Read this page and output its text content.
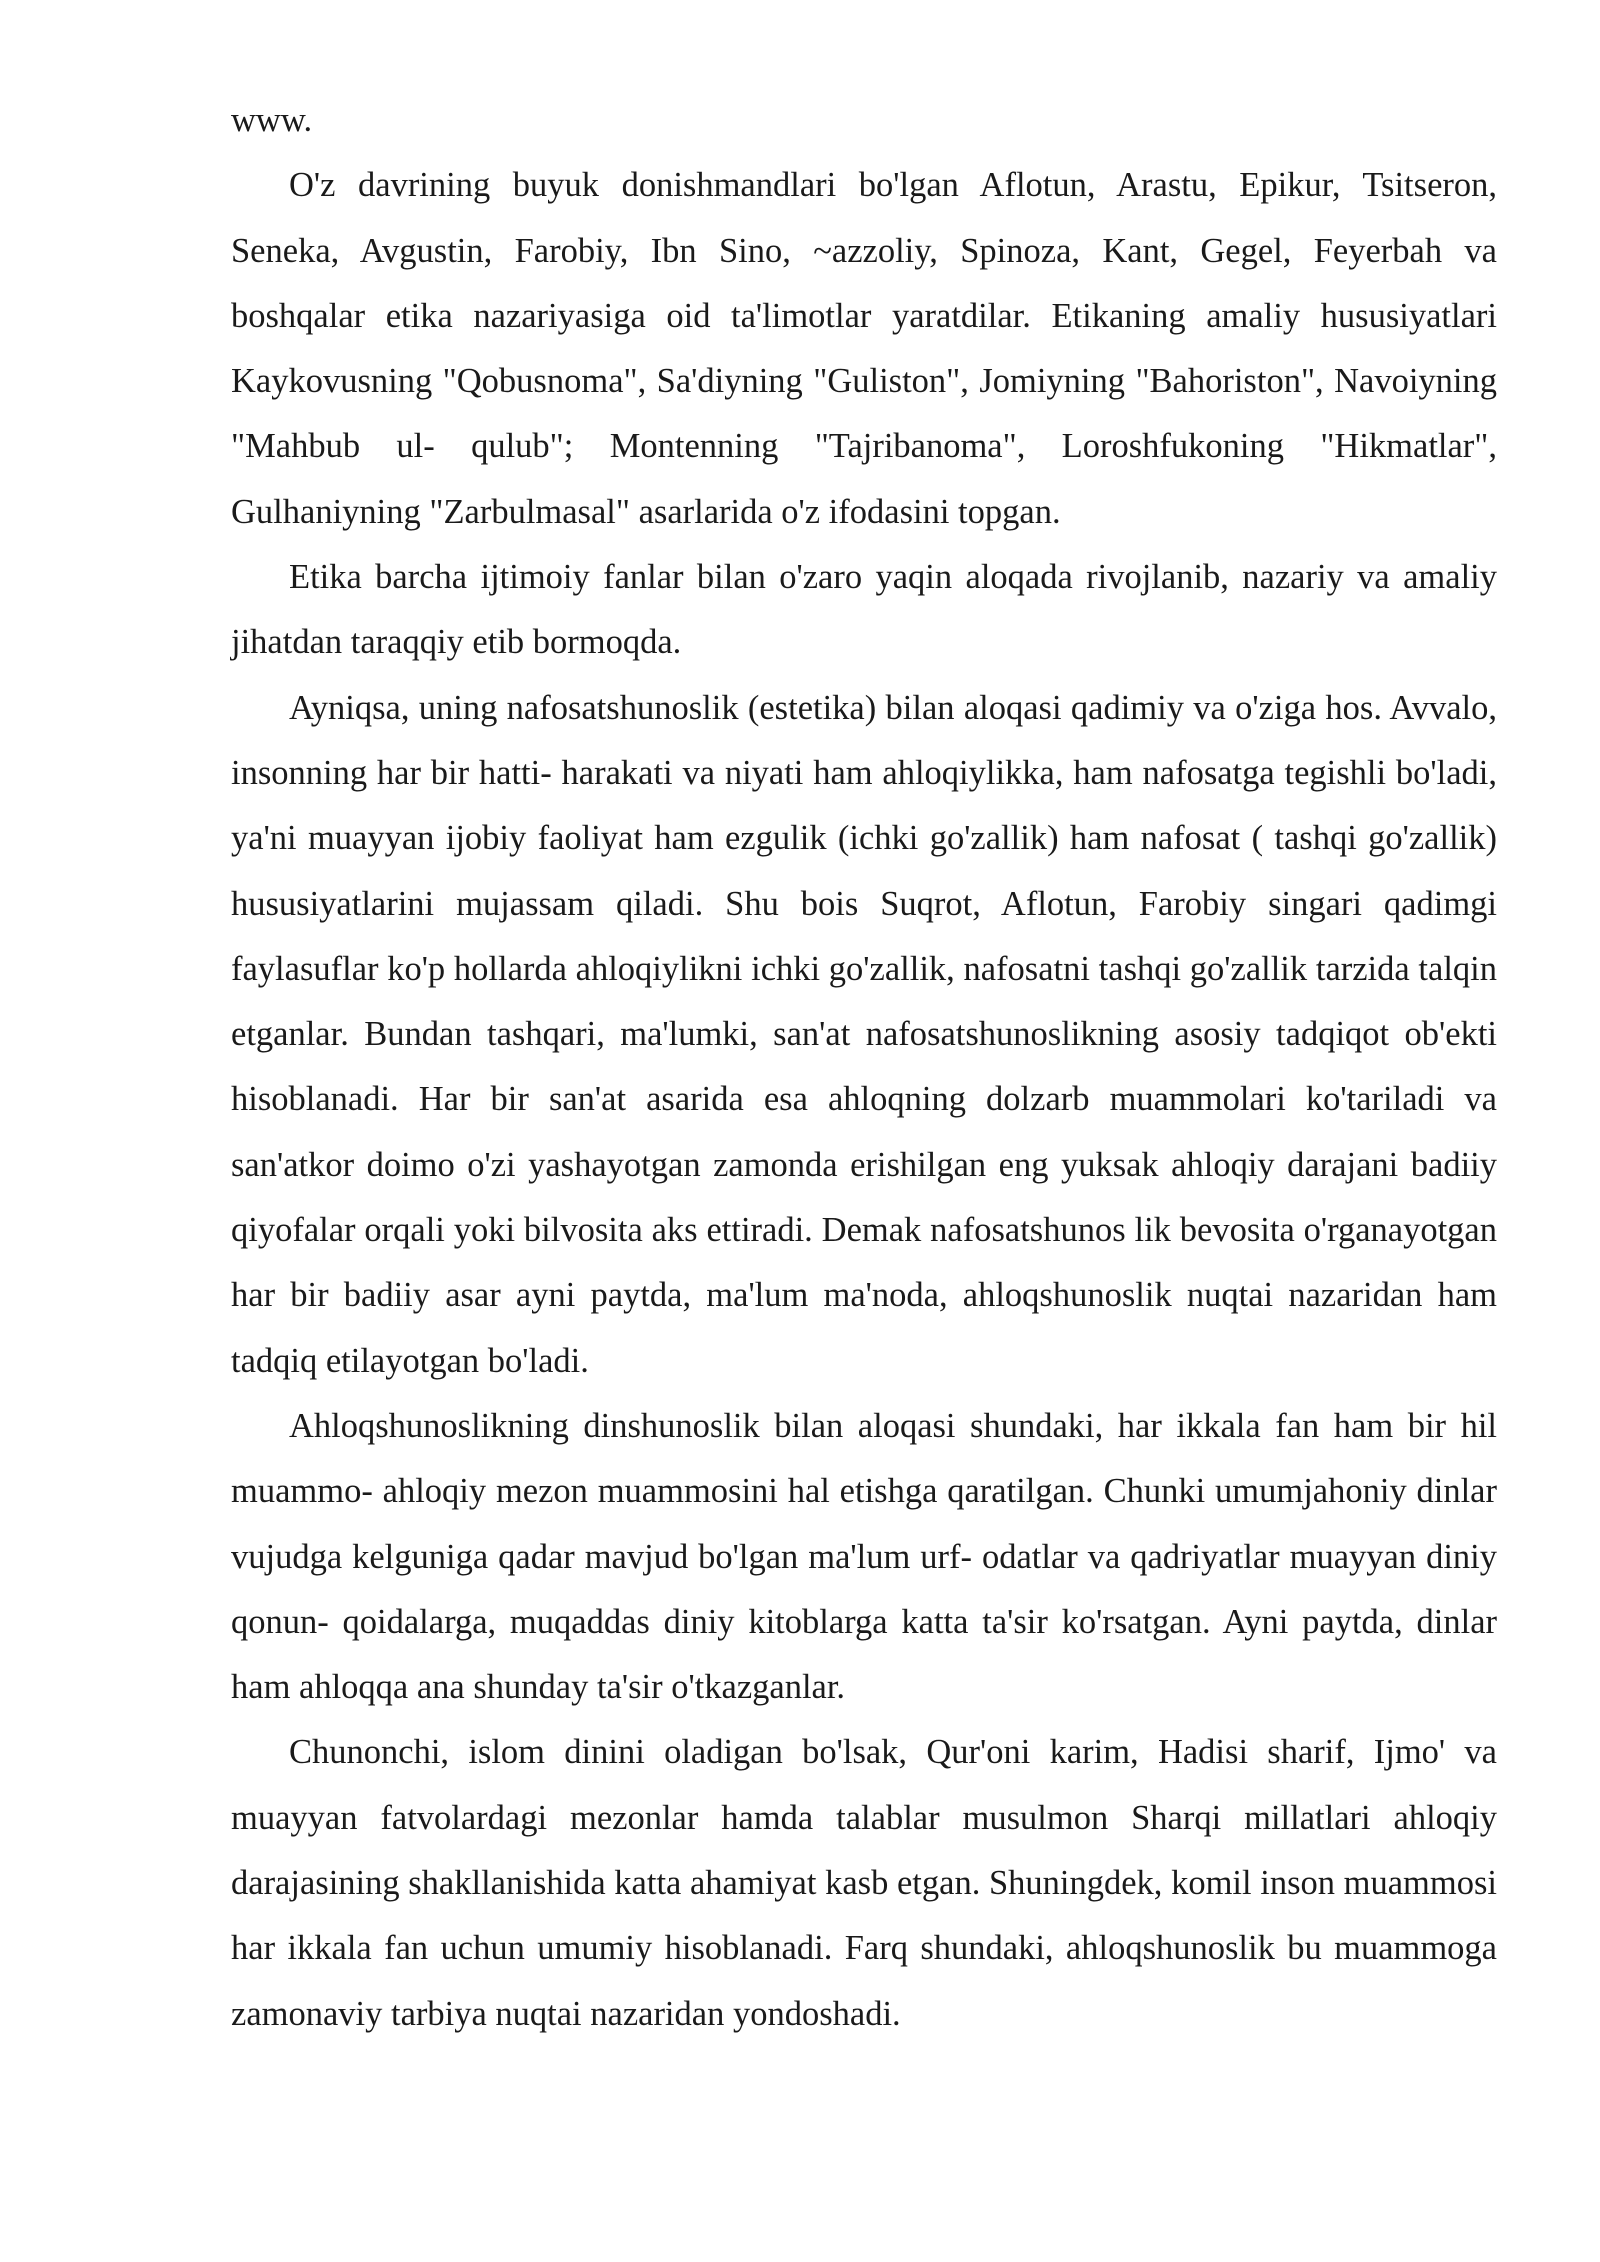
www.

O'z davrining buyuk donishmandlari bo'lgan Aflotun, Arastu, Epikur, Tsitseron, Seneka, Avgustin, Farobiy, Ibn Sino, ~azzoliy, Spinoza, Kant, Gegel, Feyerbah va boshqalar etika nazariyasiga oid ta'limotlar yaratdilar. Etikaning amaliy hususiyatlari Kaykovusning "Qobusnoma", Sa'diyning "Guliston", Jomiyning "Bahoriston", Navoiyning "Mahbub ul- qulub"; Montenning "Tajribanoma", Loroshfukoning "Hikmatlar", Gulhaniyning "Zarbulmasal" asarlarida o'z ifodasini topgan.

Etika barcha ijtimoiy fanlar bilan o'zaro yaqin aloqada rivojlanib, nazariy va amaliy jihatdan taraqqiy etib bormoqda.

Ayniqsa, uning nafosatshunoslik (estetika) bilan aloqasi qadimiy va o'ziga hos. Avvalo, insonning har bir hatti- harakati va niyati ham ahloqiylikka, ham nafosatga tegishli bo'ladi, ya'ni muayyan ijobiy faoliyat ham ezgulik (ichki go'zallik) ham nafosat ( tashqi go'zallik) hususiyatlarini mujassam qiladi. Shu bois Suqrot, Aflotun, Farobiy singari qadimgi faylasuflar ko'p hollarda ahloqiylikni ichki go'zallik, nafosatni tashqi go'zallik tarzida talqin etganlar. Bundan tashqari, ma'lumki, san'at nafosatshunoslikning asosiy tadqiqot ob'ekti hisoblanadi. Har bir san'at asarida esa ahloqning dolzarb muammolari ko'tariladi va san'atkor doimo o'zi yashayotgan zamonda erishilgan eng yuksak ahloqiy darajani badiiy qiyofalar orqali yoki bilvosita aks ettiradi. Demak nafosatshunos lik bevosita o'rganayotgan har bir badiiy asar ayni paytda, ma'lum ma'noda, ahloqshunoslik nuqtai nazaridan ham tadqiq etilayotgan bo'ladi.

Ahloqshunoslikning dinshunoslik bilan aloqasi shundaki, har ikkala fan ham bir hil muammo- ahloqiy mezon muammosini hal etishga qaratilgan. Chunki umumjahoniy dinlar vujudga kelguniga qadar mavjud bo'lgan ma'lum urf- odatlar va qadriyatlar muayyan diniy qonun- qoidalarga, muqaddas diniy kitoblarga katta ta'sir ko'rsatgan. Ayni paytda, dinlar ham ahloqqa ana shunday ta'sir o'tkazganlar.

Chunonchi, islom dinini oladigan bo'lsak, Qur'oni karim, Hadisi sharif, Ijmo' va muayyan fatvolardagi mezonlar hamda talablar musulmon Sharqi millatlari ahloqiy darajasining shakllanishida katta ahamiyat kasb etgan. Shuningdek, komil inson muammosi har ikkala fan uchun umumiy hisoblanadi. Farq shundaki, ahloqshunoslik bu muammoga zamonaviy tarbiya nuqtai nazaridan yondoshadi.
